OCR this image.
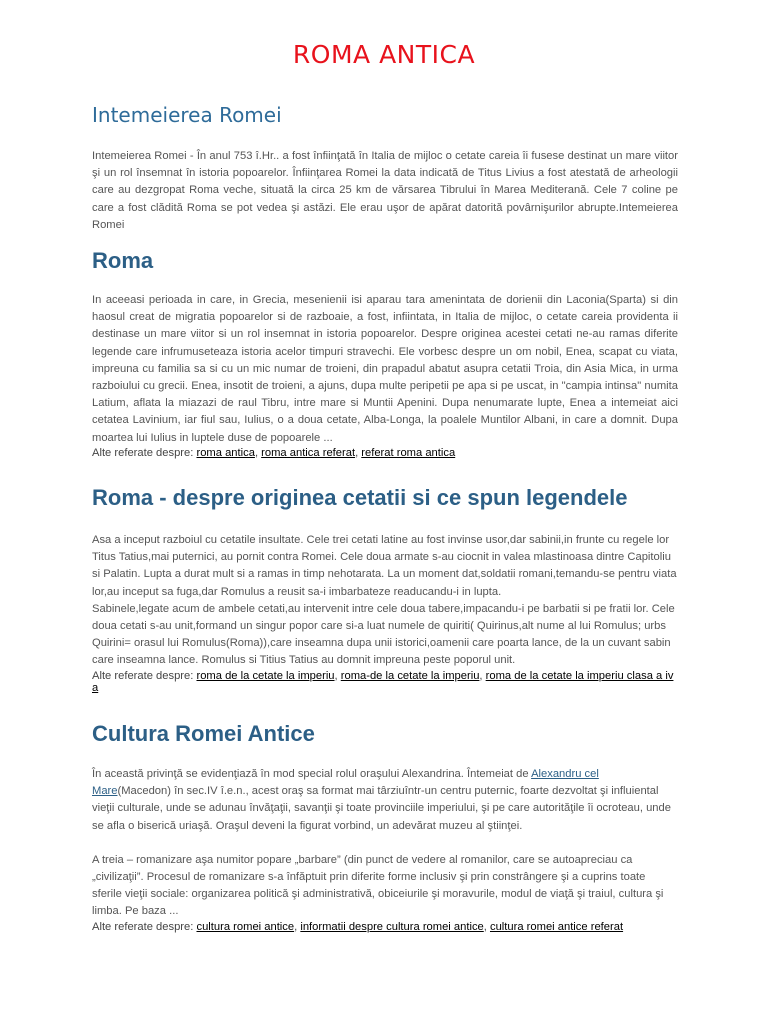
ROMA ANTICA
Intemeierea Romei

Intemeierea Romei - În anul 753 î.Hr.. a fost înfiinţată în Italia de mijloc o cetate careia îi fusese destinat un mare viitor şi un rol însemnat în istoria popoarelor. Înfiinţarea Romei la data indicată de Titus Livius a fost atestată de arheologii care au dezgropat Roma veche, situată la circa 25 km de vărsarea Tibrului în Marea Mediterană. Cele 7 coline pe care a fost clădită Roma se pot vedea şi astăzi. Ele erau uşor de apărat datorită povârnişurilor abrupte.Intemeierea Romei

Roma

In aceeasi perioada in care, in Grecia, mesenienii isi aparau tara amenintata de dorienii din Laconia(Sparta) si din haosul creat de migratia popoarelor si de razboaie, a fost, infiintata, in Italia de mijloc, o cetate careia providenta ii destinase un mare viitor si un rol insemnat in istoria popoarelor. Despre originea acestei cetati ne-au ramas diferite legende care infrumuseteaza istoria acelor timpuri stravechi. Ele vorbesc despre un om nobil, Enea, scapat cu viata, impreuna cu familia sa si cu un mic numar de troieni, din prapadul abatut asupra cetatii Troia, din Asia Mica, in urma razboiului cu grecii. Enea, insotit de troieni, a ajuns, dupa multe peripetii pe apa si pe uscat, in "campia intinsa" numita Latium, aflata la miazazi de raul Tibru, intre mare si Muntii Apenini. Dupa nenumarate lupte, Enea a intemeiat aici cetatea Lavinium, iar fiul sau, Iulius, o a doua cetate, Alba-Longa, la poalele Muntilor Albani, in care a domnit. Dupa moartea lui Iulius in luptele duse de popoarele ...

Alte referate despre: roma antica, roma antica referat, referat roma antica

Roma - despre originea cetatii si ce spun legendele

Asa a inceput razboiul cu cetatile insultate. Cele trei cetati latine au fost invinse usor,dar sabinii,in frunte cu regele lor Titus Tatius,mai puternici, au pornit contra Romei. Cele doua armate s-au ciocnit in valea mlastinoasa dintre Capitoliu si Palatin. Lupta a durat mult si a ramas in timp nehotarata. La un moment dat,soldatii romani,temandu-se pentru viata lor,au inceput sa fuga,dar Romulus a reusit sa-i imbarbateze readucandu-i in lupta.

Sabinele,legate acum de ambele cetati,au intervenit intre cele doua tabere,impacandu-i pe barbatii si pe fratii lor. Cele doua cetati s-au unit,formand un singur popor care si-a luat numele de quiriti( Quirinus,alt nume al lui Romulus; urbs Quirini= orasul lui Romulus(Roma)),care inseamna dupa unii istorici,oamenii care poarta lance, de la un cuvant sabin care inseamna lance. Romulus si Titius Tatius au domnit impreuna peste poporul unit.

Alte referate despre: roma de la cetate la imperiu, roma-de la cetate la imperiu, roma de la cetate la imperiu clasa a iv a

Cultura Romei Antice

În această privinţă se evidenţiază în mod special rolul oraşului Alexandrina. Întemeiat de Alexandru cel Mare(Macedon) în sec.IV î.e.n., acest oraş sa format mai târziuîntr-un centru puternic, foarte dezvoltat şi influiental vieţii culturale, unde se adunau învăţaţii, savanţii şi toate provinciile imperiului, şi pe care autorităţile îi ocroteau, unde se afla o biserică uriaşă. Oraşul deveni la figurat vorbind, un adevărat muzeu al ştiinţei.

A treia – romanizare aşa numitor popare „barbare” (din punct de vedere al romanilor, care se autoapreciau ca „civilizaţii”. Procesul de romanizare s-a înfăptuit prin diferite forme inclusiv şi prin constrângere şi a cuprins toate sferile vieţii sociale: organizarea politică şi administrativă, obiceiurile şi moravurile, modul de viaţă şi traiul, cultura şi limba. Pe baza ...

Alte referate despre: cultura romei antice, informatii despre cultura romei antice, cultura romei antice referat
